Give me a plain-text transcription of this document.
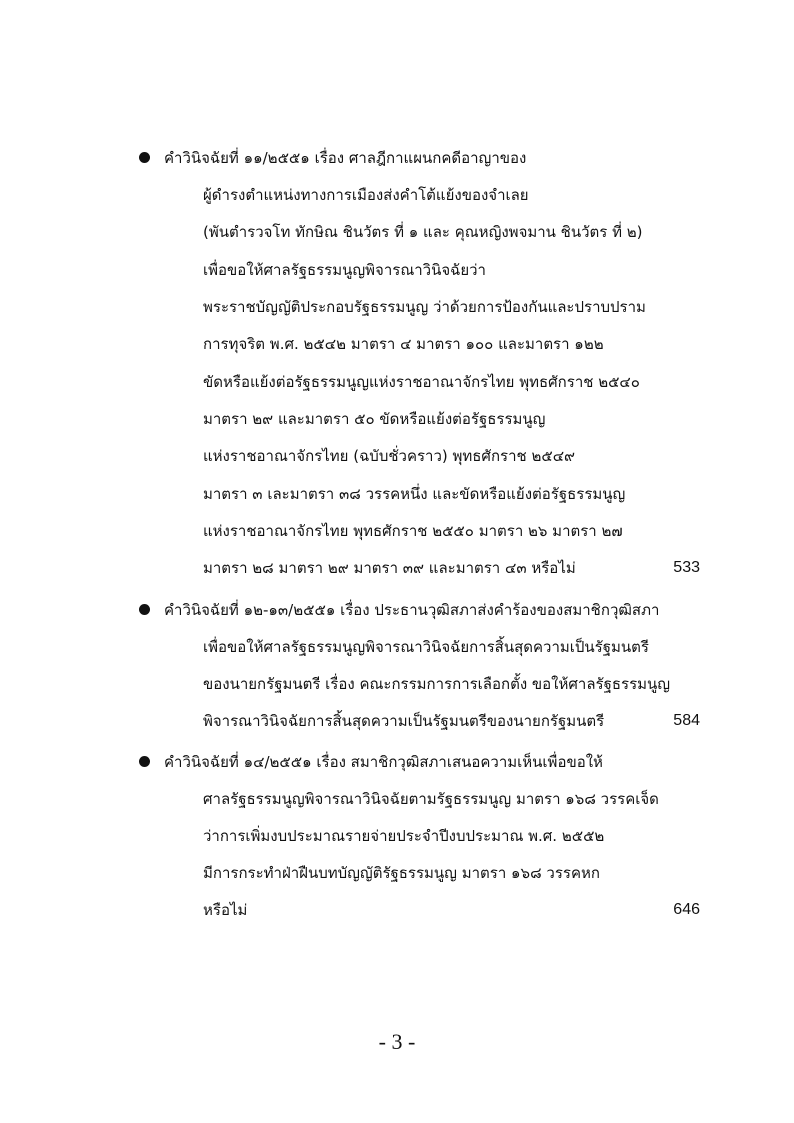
คำวินิจฉัยที่ ๑๑/๒๕๕๑ เรื่อง ศาลฎีกาแผนกคดีอาญาของ
ผู้ดำรงตำแหน่งทางการเมืองส่งคำโต้แย้งของจำเลย
(พันตำรวจโท ทักษิณ ชินวัตร ที่ ๑ และ คุณหญิงพจมาน ชินวัตร ที่ ๒)
เพื่อขอให้ศาลรัฐธรรมนูญพิจารณาวินิจฉัยว่า
พระราชบัญญัติประกอบรัฐธรรมนูญ ว่าด้วยการป้องกันและปราบปราม
การทุจริต พ.ศ. ๒๕๔๒ มาตรา ๔ มาตรา ๑๐๐ และมาตรา ๑๒๒
ขัดหรือแย้งต่อรัฐธรรมนูญแห่งราชอาณาจักรไทย พุทธศักราช ๒๕๔๐
มาตรา ๒๙ และมาตรา ๕๐ ขัดหรือแย้งต่อรัฐธรรมนูญ
แห่งราชอาณาจักรไทย (ฉบับชั่วคราว) พุทธศักราช ๒๕๔๙
มาตรา ๓ เละมาตรา ๓๘ วรรคหนึ่ง และขัดหรือแย้งต่อรัฐธรรมนูญ
แห่งราชอาณาจักรไทย พุทธศักราช ๒๕๕๐ มาตรา ๒๖ มาตรา ๒๗
มาตรา ๒๘ มาตรา ๒๙ มาตรา ๓๙ และมาตรา ๔๓ หรือไม่	533
คำวินิจฉัยที่ ๑๒-๑๓/๒๕๕๑ เรื่อง ประธานวุฒิสภาส่งคำร้องของสมาชิกวุฒิสภา
เพื่อขอให้ศาลรัฐธรรมนูญพิจารณาวินิจฉัยการสิ้นสุดความเป็นรัฐมนตรี
ของนายกรัฐมนตรี เรื่อง คณะกรรมการการเลือกตั้ง ขอให้ศาลรัฐธรรมนูญ
พิจารณาวินิจฉัยการสิ้นสุดความเป็นรัฐมนตรีของนายกรัฐมนตรี	584
คำวินิจฉัยที่ ๑๔/๒๕๕๑ เรื่อง สมาชิกวุฒิสภาเสนอความเห็นเพื่อขอให้
ศาลรัฐธรรมนูญพิจารณาวินิจฉัยตามรัฐธรรมนูญ มาตรา ๑๖๘ วรรคเจ็ด
ว่าการเพิ่มงบประมาณรายจ่ายประจำปีงบประมาณ พ.ศ. ๒๕๕๒
มีการกระทำฝ่าฝืนบทบัญญัติรัฐธรรมนูญ มาตรา ๑๖๘ วรรคหก
หรือไม่	646
- 3 -
